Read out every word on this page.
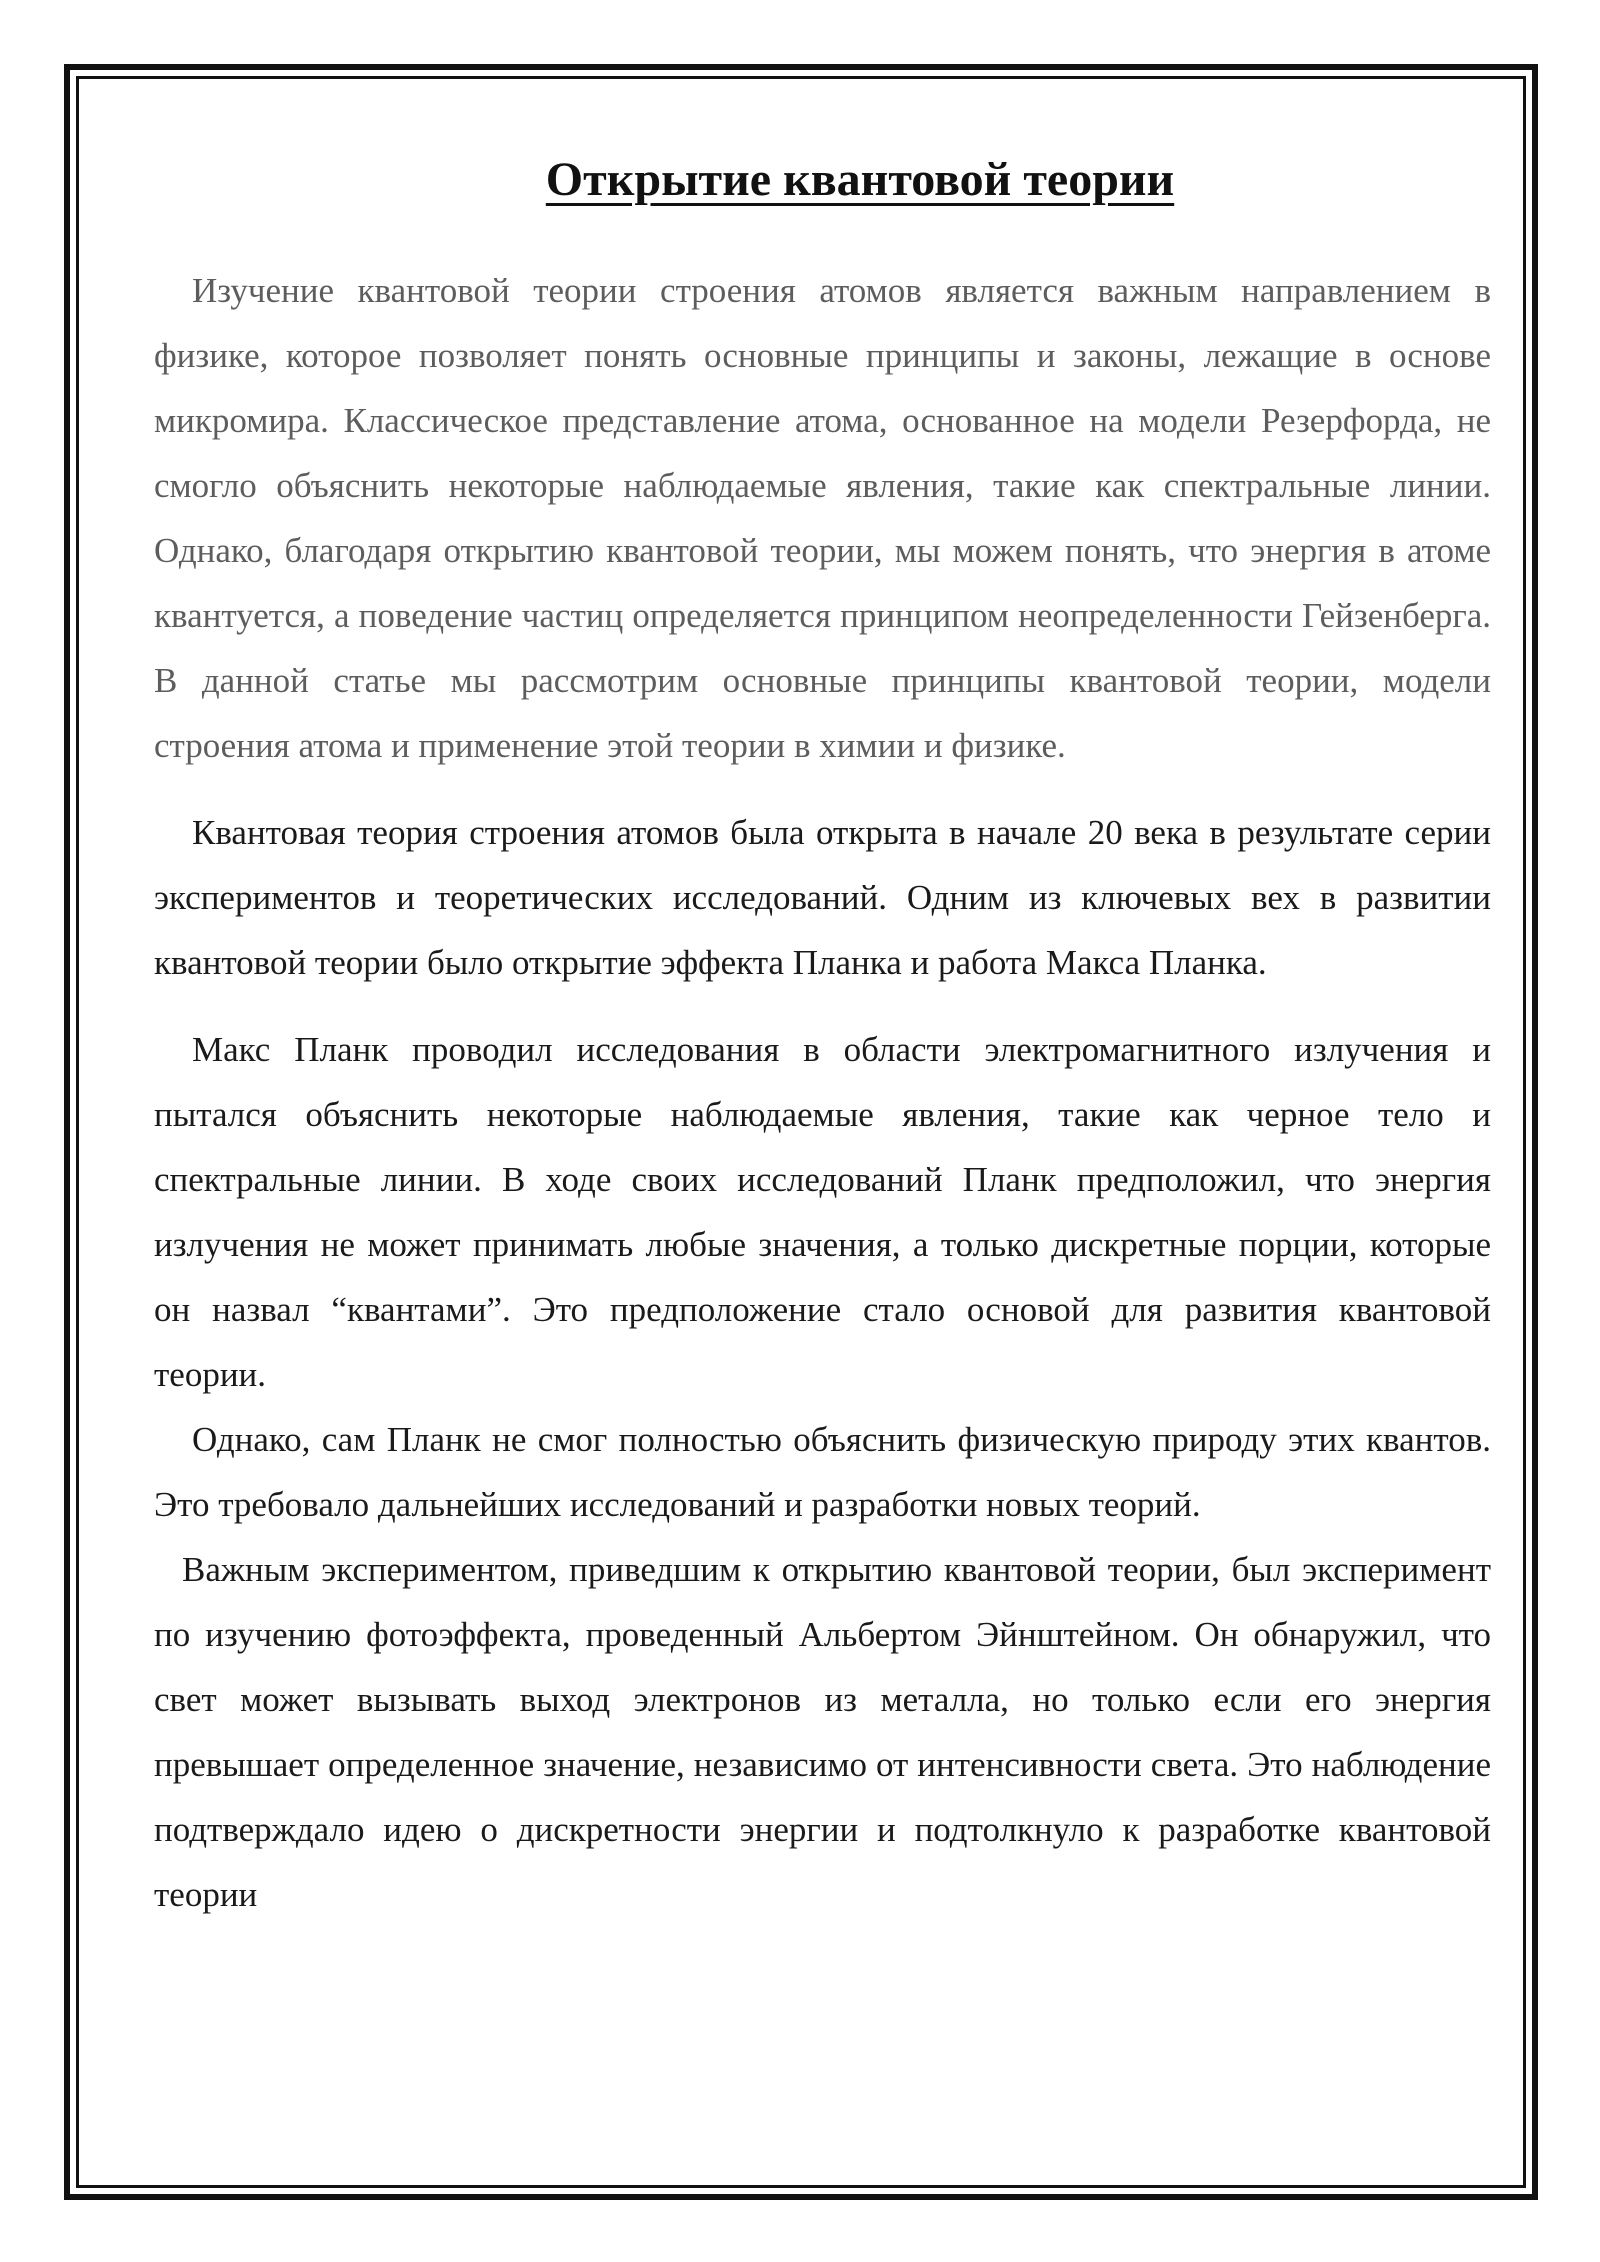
Открытие квантовой теории

Изучение квантовой теории строения атомов является важным направлением в физике, которое позволяет понять основные принципы и законы, лежащие в основе микромира. Классическое представление атома, основанное на модели Резерфорда, не смогло объяснить некоторые наблюдаемые явления, такие как спектральные линии. Однако, благодаря открытию квантовой теории, мы можем понять, что энергия в атоме квантуется, а поведение частиц определяется принципом неопределенности Гейзенберга. В данной статье мы рассмотрим основные принципы квантовой теории, модели строения атома и применение этой теории в химии и физике.

Квантовая теория строения атомов была открыта в начале 20 века в результате серии экспериментов и теоретических исследований. Одним из ключевых вех в развитии квантовой теории было открытие эффекта Планка и работа Макса Планка.

Макс Планк проводил исследования в области электромагнитного излучения и пытался объяснить некоторые наблюдаемые явления, такие как черное тело и спектральные линии. В ходе своих исследований Планк предположил, что энергия излучения не может принимать любые значения, а только дискретные порции, которые он назвал “квантами”. Это предположение стало основой для развития квантовой теории.

Однако, сам Планк не смог полностью объяснить физическую природу этих квантов. Это требовало дальнейших исследований и разработки новых теорий.

Важным экспериментом, приведшим к открытию квантовой теории, был эксперимент по изучению фотоэффекта, проведенный Альбертом Эйнштейном. Он обнаружил, что свет может вызывать выход электронов из металла, но только если его энергия превышает определенное значение, независимо от интенсивности света. Это наблюдение подтверждало идею о дискретности энергии и подтолкнуло к разработке квантовой теории
